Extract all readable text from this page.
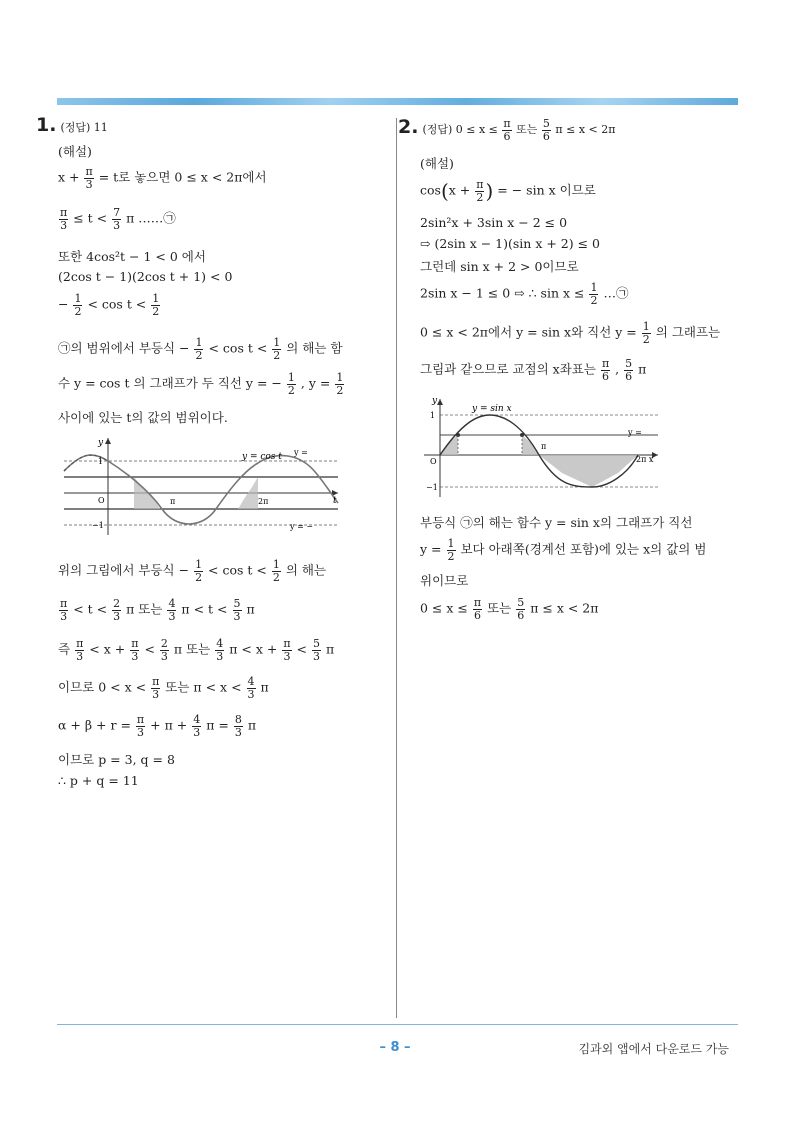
– 8 –	김과외 앱에서 다운로드 가능
1. (정답) 11
(해설)
$x + \frac{\pi}{3} = t$로 놓으면 0 ≤ x < 2π에서
$\frac{\pi}{3} \le t < \frac{7}{3}$ π ……㉠
또한 4cos²t − 1 < 0 에서
(2cos t − 1)(2cos t + 1) < 0
− $\frac{1}{2} < \cos t < \frac{1}{2}$
㉠의 범위에서 부등식 − $\frac{1}{2} < \cos t < \frac{1}{2}$ 의 해는 함
수 y = cos t 의 그래프가 두 직선 y = − $\frac{1}{2}$ , $y = \frac{1}{2}$
사이에 있는 t의 값의 범위이다.
y
1
−1
O	t
y = cos t y =
y = −
π	2π
위의 그림에서 부등식 − $\frac{1}{2} < \cos t < \frac{1}{2}$ 의 해는
$\frac{\pi}{3} < t < \frac{2}{3}$ π 또는 $\frac{4}{3}$ $\pi < t < \frac{5}{3}$ π
즉 $\frac{\pi}{3} < x + \frac{\pi}{3} < \frac{2}{3}$ π 또는 $\frac{4}{3}$ $\pi < x + \frac{\pi}{3} < \frac{5}{3}$ π
이므로 $0 < x < \frac{\pi}{3}$ 또는 $\pi < x < \frac{4}{3}$ π
$\alpha + \beta + r = \frac{\pi}{3} + \pi + \frac{4}{3}$ $\pi = \frac{8}{3}$ π
이므로 p = 3, q = 8
∴ p + q = 11
2. (정답) $0 \le x \le \frac{\pi}{6}$ 또는 $\frac{5}{6}$ π ≤ x < 2π
(해설)
$\cos(x + \frac{\pi}{2}$ ) = − sin x 이므로
2sin²x + 3sin x − 2 ≤ 0
⇨ (2sin x − 1)(sin x + 2) ≤ 0
그런데 sin x + 2 > 0이므로
2sin x − 1 ≤ 0 ⇨ ∴ $\sin x \le \frac{1}{2}$ …㉠
0 ≤ x < 2π에서 y = sin x와 직선 $y = \frac{1}{2}$ 의 그래프는
그림과 같으므로 교점의 x좌표는 $\frac{\pi}{6}$ , $\frac{5}{6}$ π
y
1
−1
O
y = sin x
y =
π
2π x
부등식 ㉠의 해는 함수 y = sin x의 그래프가 직선
$y = \frac{1}{2}$ 보다 아래쪽(경계선 포함)에 있는 x의 값의 범
위이므로
$0 \le x \le \frac{\pi}{6}$ 또는 $\frac{5}{6}$ π ≤ x < 2π
